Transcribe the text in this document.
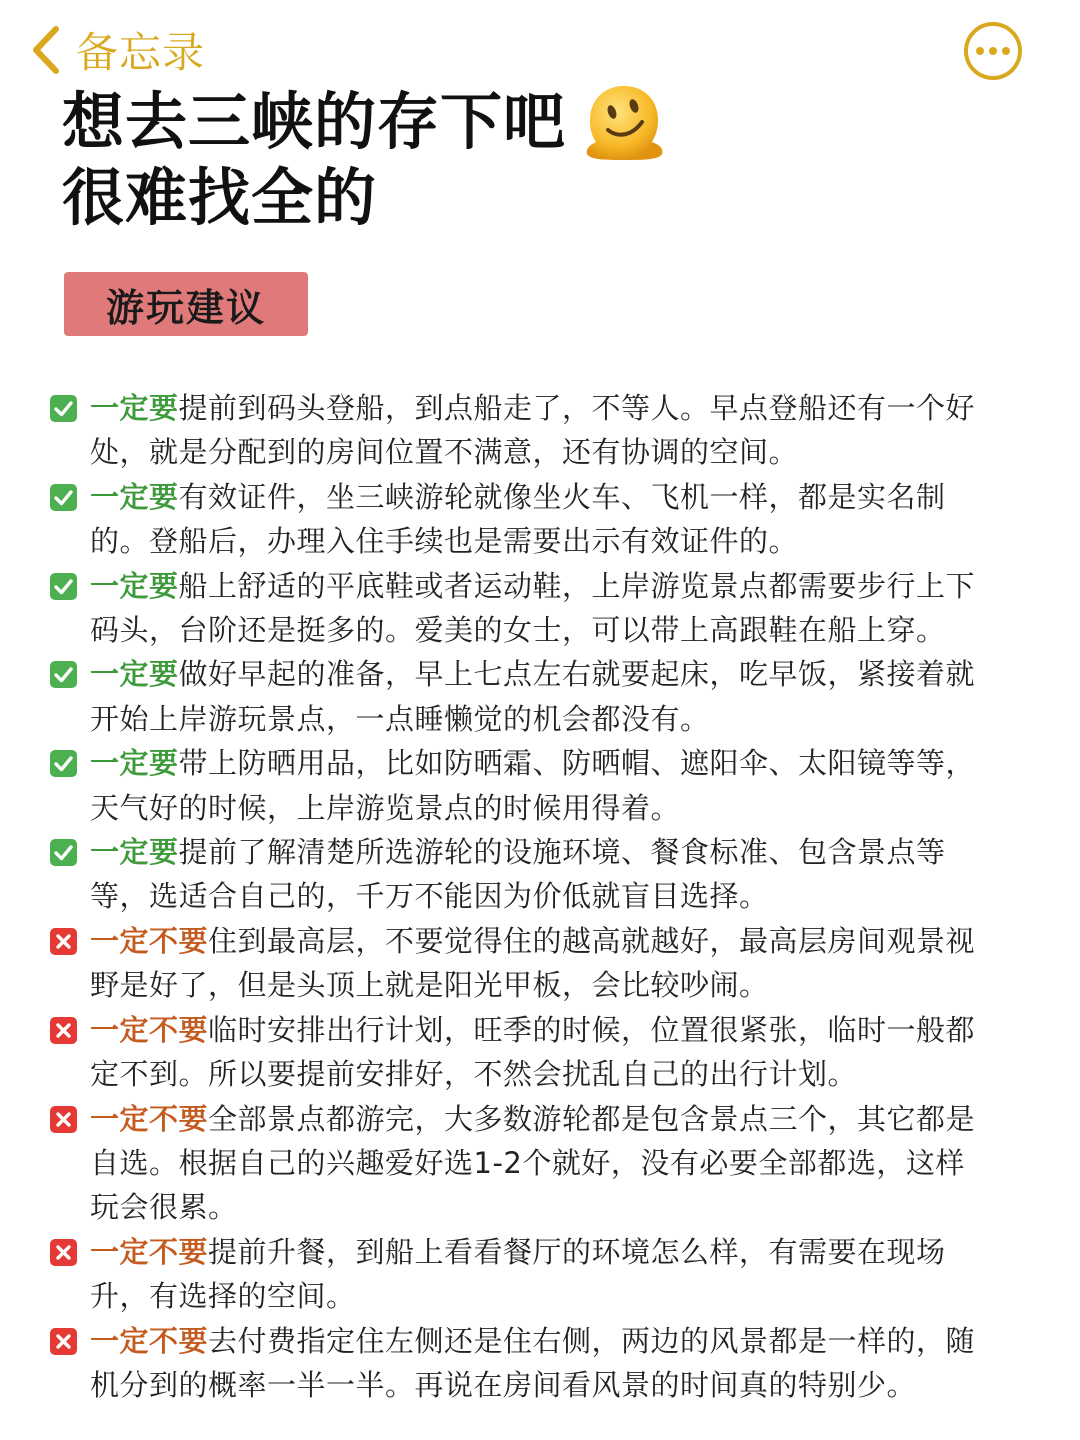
备忘录
想去三峡的存下吧
很难找全的
游玩建议
一定要提前到码头登船，到点船走了，不等人。早点登船还有一个好处，就是分配到的房间位置不满意，还有协调的空间。
一定要有效证件，坐三峡游轮就像坐火车、飞机一样，都是实名制的。登船后，办理入住手续也是需要出示有效证件的。
一定要船上舒适的平底鞋或者运动鞋，上岸游览景点都需要步行上下码头，台阶还是挺多的。爱美的女士，可以带上高跟鞋在船上穿。
一定要做好早起的准备，早上七点左右就要起床，吃早饭，紧接着就开始上岸游玩景点，一点睡懒觉的机会都没有。
一定要带上防晒用品，比如防晒霜、防晒帽、遮阳伞、太阳镜等等，天气好的时候，上岸游览景点的时候用得着。
一定要提前了解清楚所选游轮的设施环境、餐食标准、包含景点等等，选适合自己的，千万不能因为价低就盲目选择。
一定不要住到最高层，不要觉得住的越高就越好，最高层房间观景视野是好了，但是头顶上就是阳光甲板，会比较吵闹。
一定不要临时安排出行计划，旺季的时候，位置很紧张，临时一般都定不到。所以要提前安排好，不然会扰乱自己的出行计划。
一定不要全部景点都游完，大多数游轮都是包含景点三个，其它都是自选。根据自己的兴趣爱好选1-2个就好，没有必要全部都选，这样玩会很累。
一定不要提前升餐，到船上看看餐厅的环境怎么样，有需要在现场升，有选择的空间。
一定不要去付费指定住左侧还是住右侧，两边的风景都是一样的，随机分到的概率一半一半。再说在房间看风景的时间真的特别少。
